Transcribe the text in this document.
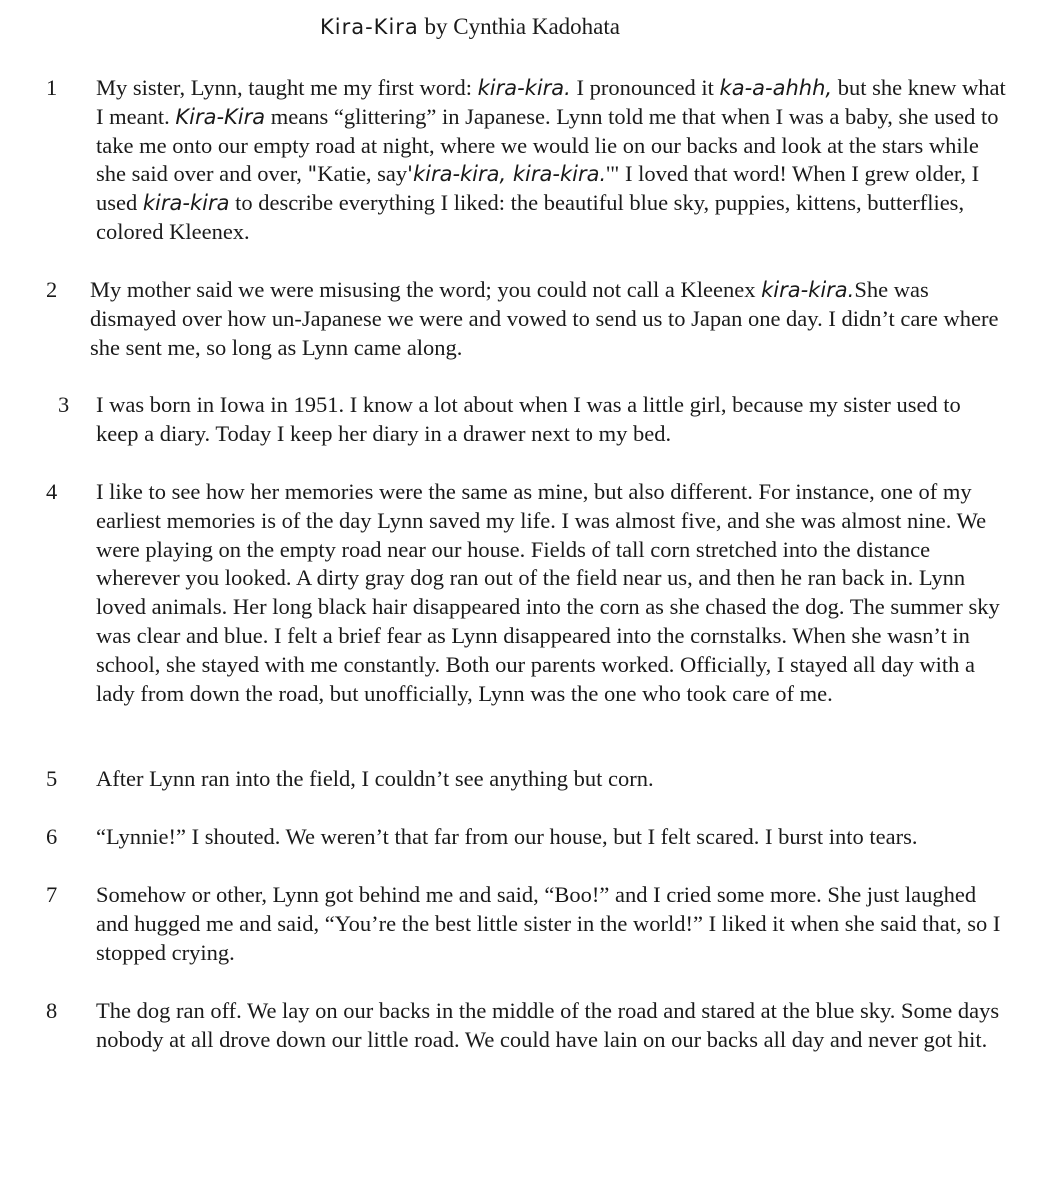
Kira-Kira by Cynthia Kadohata
1 My sister, Lynn, taught me my first word: kira-kira. I pronounced it ka-a-ahhh, but she knew what I meant. Kira-Kira means “glittering” in Japanese. Lynn told me that when I was a baby, she used to take me onto our empty road at night, where we would lie on our backs and look at the stars while she said over and over, "Katie, say'kira-kira, kira-kira.'" I loved that word! When I grew older, I used kira-kira to describe everything I liked: the beautiful blue sky, puppies, kittens, butterflies, colored Kleenex.
2 My mother said we were misusing the word; you could not call a Kleenex kira-kira.She was dismayed over how un-Japanese we were and vowed to send us to Japan one day. I didn’t care where she sent me, so long as Lynn came along.
3 I was born in Iowa in 1951. I know a lot about when I was a little girl, because my sister used to keep a diary. Today I keep her diary in a drawer next to my bed.
4 I like to see how her memories were the same as mine, but also different. For instance, one of my earliest memories is of the day Lynn saved my life. I was almost five, and she was almost nine. We were playing on the empty road near our house. Fields of tall corn stretched into the distance wherever you looked. A dirty gray dog ran out of the field near us, and then he ran back in. Lynn loved animals. Her long black hair disappeared into the corn as she chased the dog. The summer sky was clear and blue. I felt a brief fear as Lynn disappeared into the cornstalks. When she wasn’t in school, she stayed with me constantly. Both our parents worked. Officially, I stayed all day with a lady from down the road, but unofficially, Lynn was the one who took care of me.
5 After Lynn ran into the field, I couldn’t see anything but corn.
6 “Lynnie!” I shouted. We weren’t that far from our house, but I felt scared. I burst into tears.
7 Somehow or other, Lynn got behind me and said, “Boo!” and I cried some more. She just laughed and hugged me and said, “You’re the best little sister in the world!” I liked it when she said that, so I stopped crying.
8 The dog ran off. We lay on our backs in the middle of the road and stared at the blue sky. Some days nobody at all drove down our little road. We could have lain on our backs all day and never got hit.
